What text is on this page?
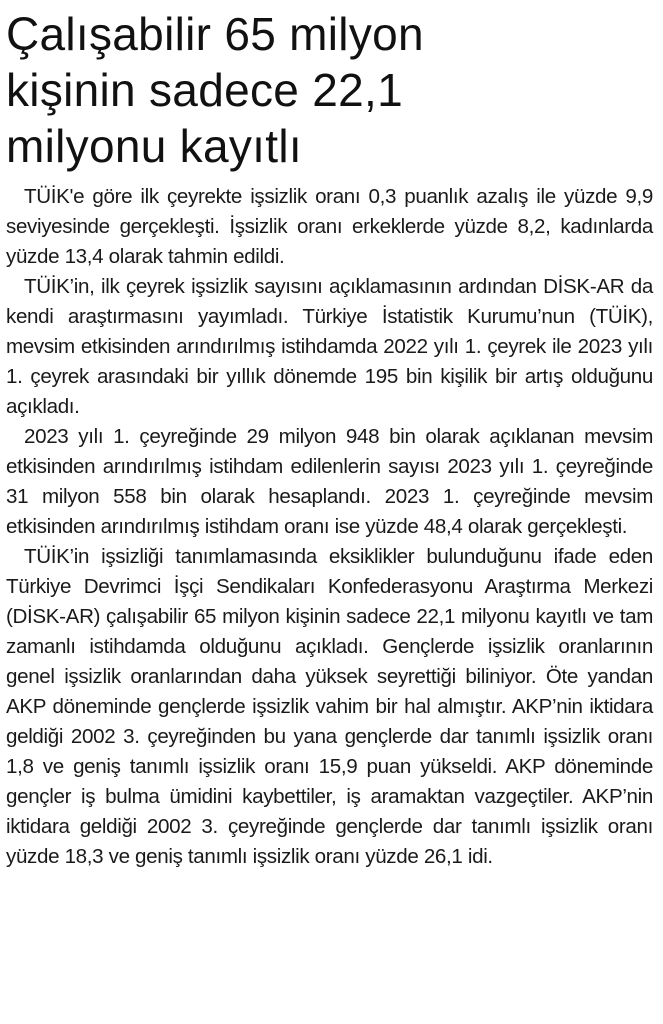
Çalışabilir 65 milyon
kişinin sadece 22,1
milyonu kayıtlı

TÜİK'e göre ilk çeyrekte işsizlik oranı 0,3 puanlık azalış ile yüzde 9,9 seviyesinde gerçekleşti. İşsizlik oranı erkeklerde yüzde 8,2, kadınlarda yüzde 13,4 olarak tahmin edildi.

TÜİK’in, ilk çeyrek işsizlik sayısını açıklamasının ardından DİSK-AR da kendi araştırmasını yayımladı. Türkiye İstatistik Kurumu’nun (TÜİK), mevsim etkisinden arındırılmış istihdamda 2022 yılı 1. çeyrek ile 2023 yılı 1. çeyrek arasındaki bir yıllık dönemde 195 bin kişilik bir artış olduğunu açıkladı.

2023 yılı 1. çeyreğinde 29 milyon 948 bin olarak açıklanan mevsim etkisinden arındırılmış istihdam edilenlerin sayısı 2023 yılı 1. çeyreğinde 31 milyon 558 bin olarak hesaplandı. 2023 1. çeyreğinde mevsim etkisinden arındırılmış istihdam oranı ise yüzde 48,4 olarak gerçekleşti.

TÜİK’in işsizliği tanımlamasında eksiklikler bulunduğunu ifade eden Türkiye Devrimci İşçi Sendikaları Konfederasyonu Araştırma Merkezi (DİSK-AR) çalışabilir 65 milyon kişinin sadece 22,1 milyonu kayıtlı ve tam zamanlı istihdamda olduğunu açıkladı. Gençlerde işsizlik oranlarının genel işsizlik oranlarından daha yüksek seyrettiği biliniyor. Öte yandan AKP döneminde gençlerde işsizlik vahim bir hal almıştır. AKP’nin iktidara geldiği 2002 3. çeyreğinden bu yana gençlerde dar tanımlı işsizlik oranı 1,8 ve geniş tanımlı işsizlik oranı 15,9 puan yükseldi. AKP döneminde gençler iş bulma ümidini kaybettiler, iş aramaktan vazgeçtiler. AKP’nin iktidara geldiği 2002 3. çeyreğinde gençlerde dar tanımlı işsizlik oranı yüzde 18,3 ve geniş tanımlı işsizlik oranı yüzde 26,1 idi.
